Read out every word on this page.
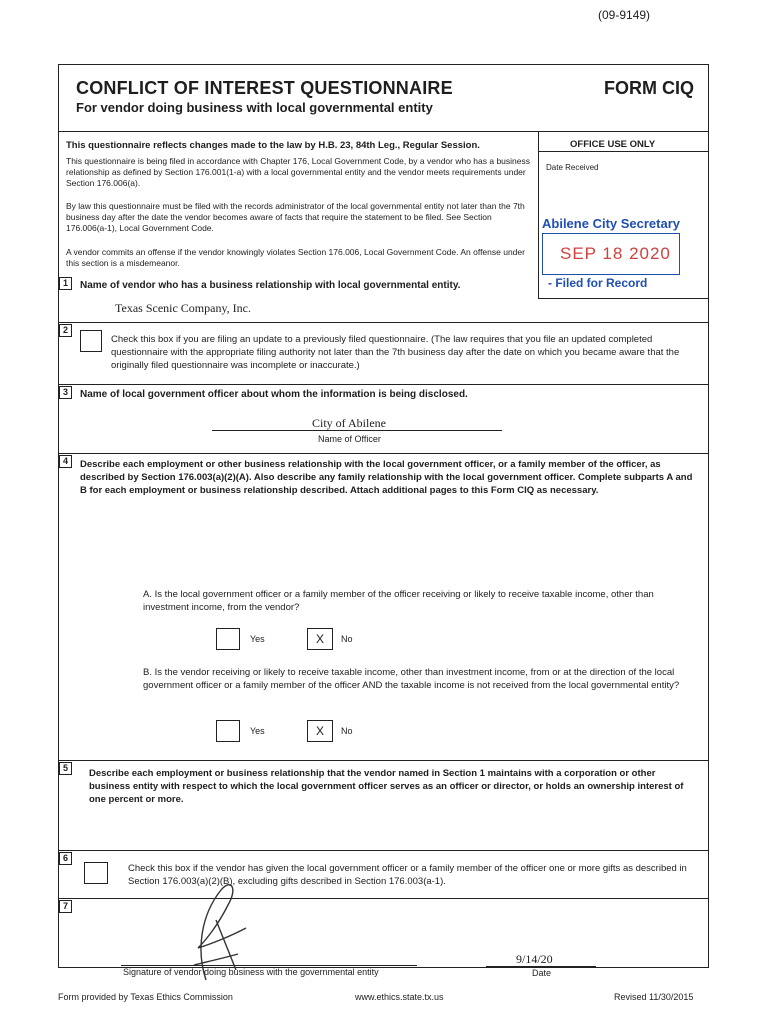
(09-9149)
CONFLICT OF INTEREST QUESTIONNAIRE	FORM CIQ
For vendor doing business with local governmental entity
This questionnaire reflects changes made to the law by H.B. 23, 84th Leg., Regular Session.
This questionnaire is being filed in accordance with Chapter 176, Local Government Code, by a vendor who has a business relationship as defined by Section 176.001(1-a) with a local governmental entity and the vendor meets requirements under Section 176.006(a).
By law this questionnaire must be filed with the records administrator of the local governmental entity not later than the 7th business day after the date the vendor becomes aware of facts that require the statement to be filed. See Section 176.006(a-1), Local Government Code.
A vendor commits an offense if the vendor knowingly violates Section 176.006, Local Government Code. An offense under this section is a misdemeanor.
OFFICE USE ONLY
Date Received
Abilene City Secretary
SEP 18 2020
- Filed for Record
1	Name of vendor who has a business relationship with local governmental entity.
Texas Scenic Company, Inc.
2
Check this box if you are filing an update to a previously filed questionnaire. (The law requires that you file an updated completed questionnaire with the appropriate filing authority not later than the 7th business day after the date on which you became aware that the originally filed questionnaire was incomplete or inaccurate.)
3	Name of local government officer about whom the information is being disclosed.
City of Abilene
Name of Officer
4	Describe each employment or other business relationship with the local government officer, or a family member of the officer, as described by Section 176.003(a)(2)(A). Also describe any family relationship with the local government officer. Complete subparts A and B for each employment or business relationship described. Attach additional pages to this Form CIQ as necessary.
A. Is the local government officer or a family member of the officer receiving or likely to receive taxable income, other than investment income, from the vendor?
Yes	X	No
B. Is the vendor receiving or likely to receive taxable income, other than investment income, from or at the direction of the local government officer or a family member of the officer AND the taxable income is not received from the local governmental entity?
Yes	X	No
5	Describe each employment or business relationship that the vendor named in Section 1 maintains with a corporation or other business entity with respect to which the local government officer serves as an officer or director, or holds an ownership interest of one percent or more.
6
Check this box if the vendor has given the local government officer or a family member of the officer one or more gifts as described in Section 176.003(a)(2)(B), excluding gifts described in Section 176.003(a-1).
7
Signature of vendor doing business with the governmental entity
9/14/20
Date
Form provided by Texas Ethics Commission	www.ethics.state.tx.us	Revised 11/30/2015
